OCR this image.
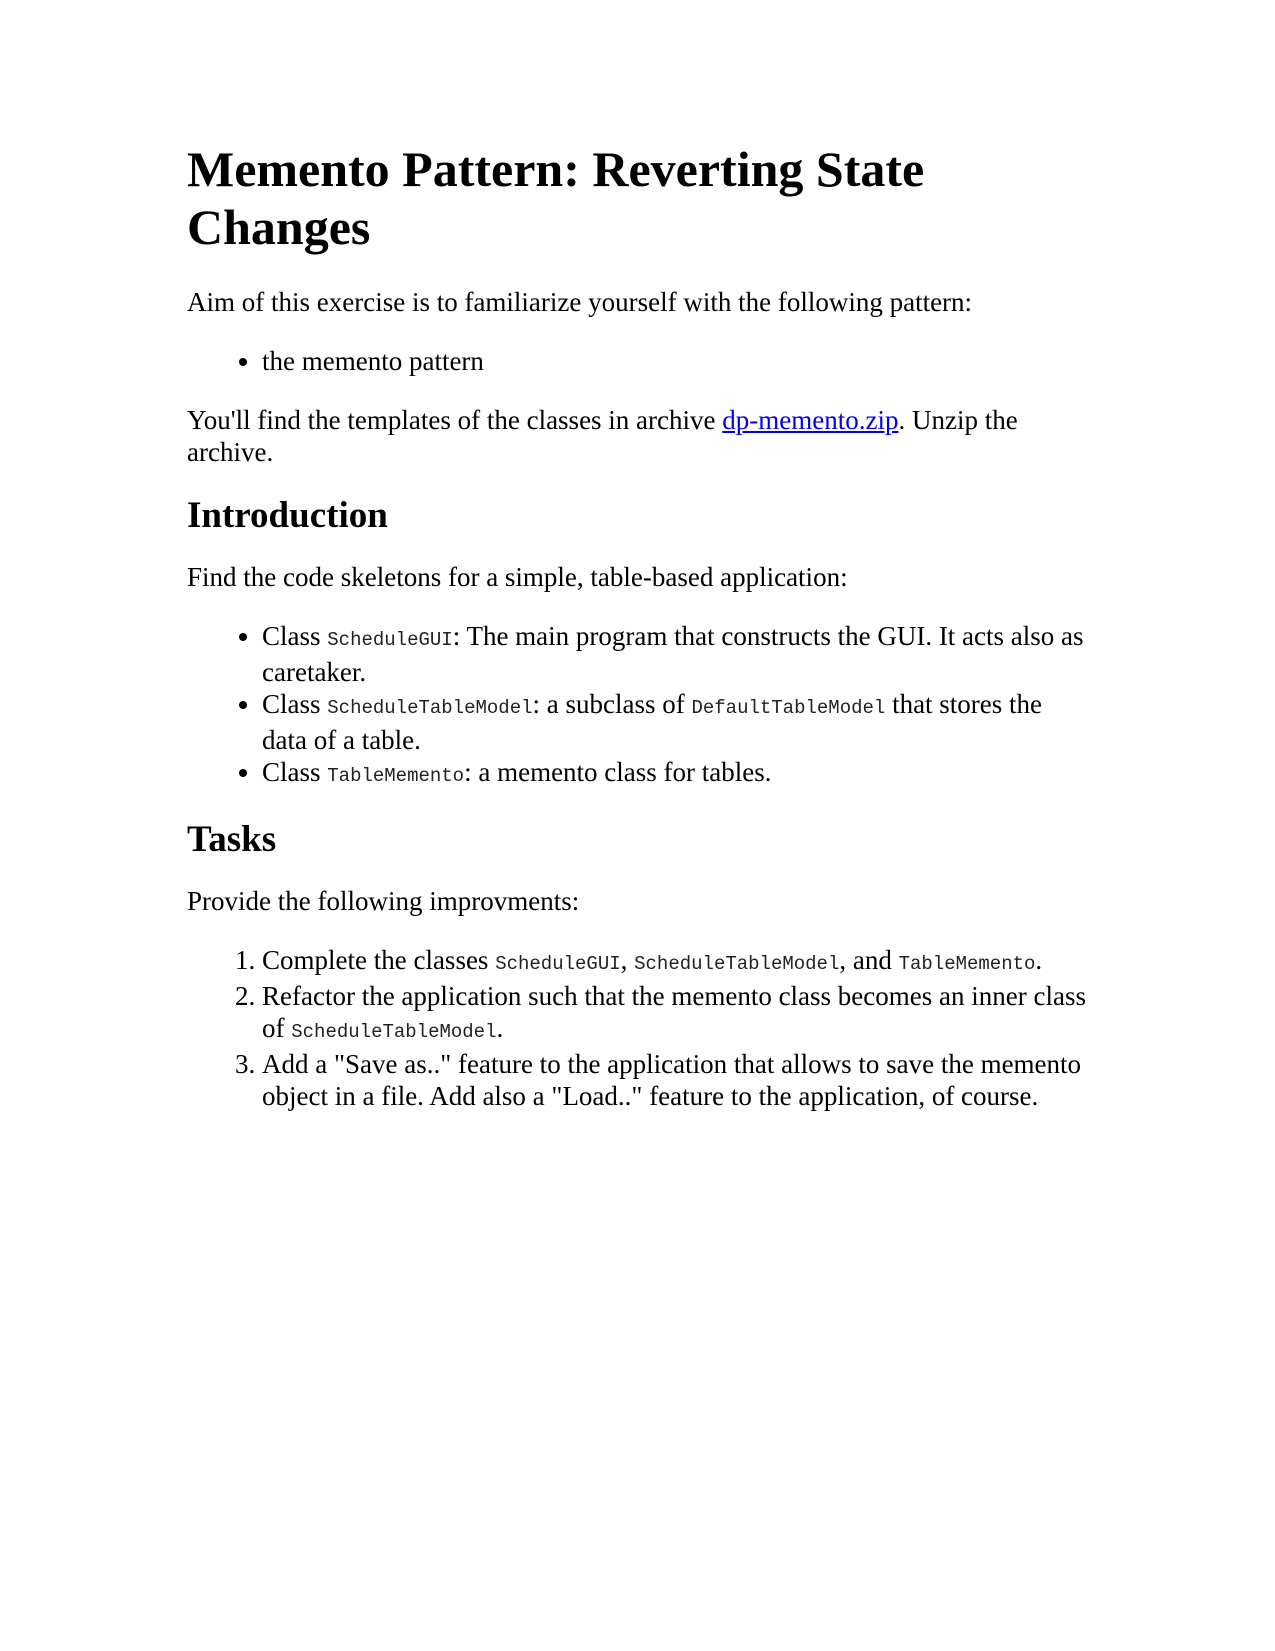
Memento Pattern: Reverting State Changes

Aim of this exercise is to familiarize yourself with the following pattern:

• the memento pattern

You'll find the templates of the classes in archive dp-memento.zip. Unzip the archive.

Introduction

Find the code skeletons for a simple, table-based application:

• Class ScheduleGUI: The main program that constructs the GUI. It acts also as caretaker.
• Class ScheduleTableModel: a subclass of DefaultTableModel that stores the data of a table.
• Class TableMemento: a memento class for tables.
Tasks

Provide the following improvments:

1. Complete the classes ScheduleGUI, ScheduleTableModel, and TableMemento.
2. Refactor the application such that the memento class becomes an inner class of ScheduleTableModel.
3. Add a "Save as.." feature to the application that allows to save the memento object in a file. Add also a "Load.." feature to the application, of course.
